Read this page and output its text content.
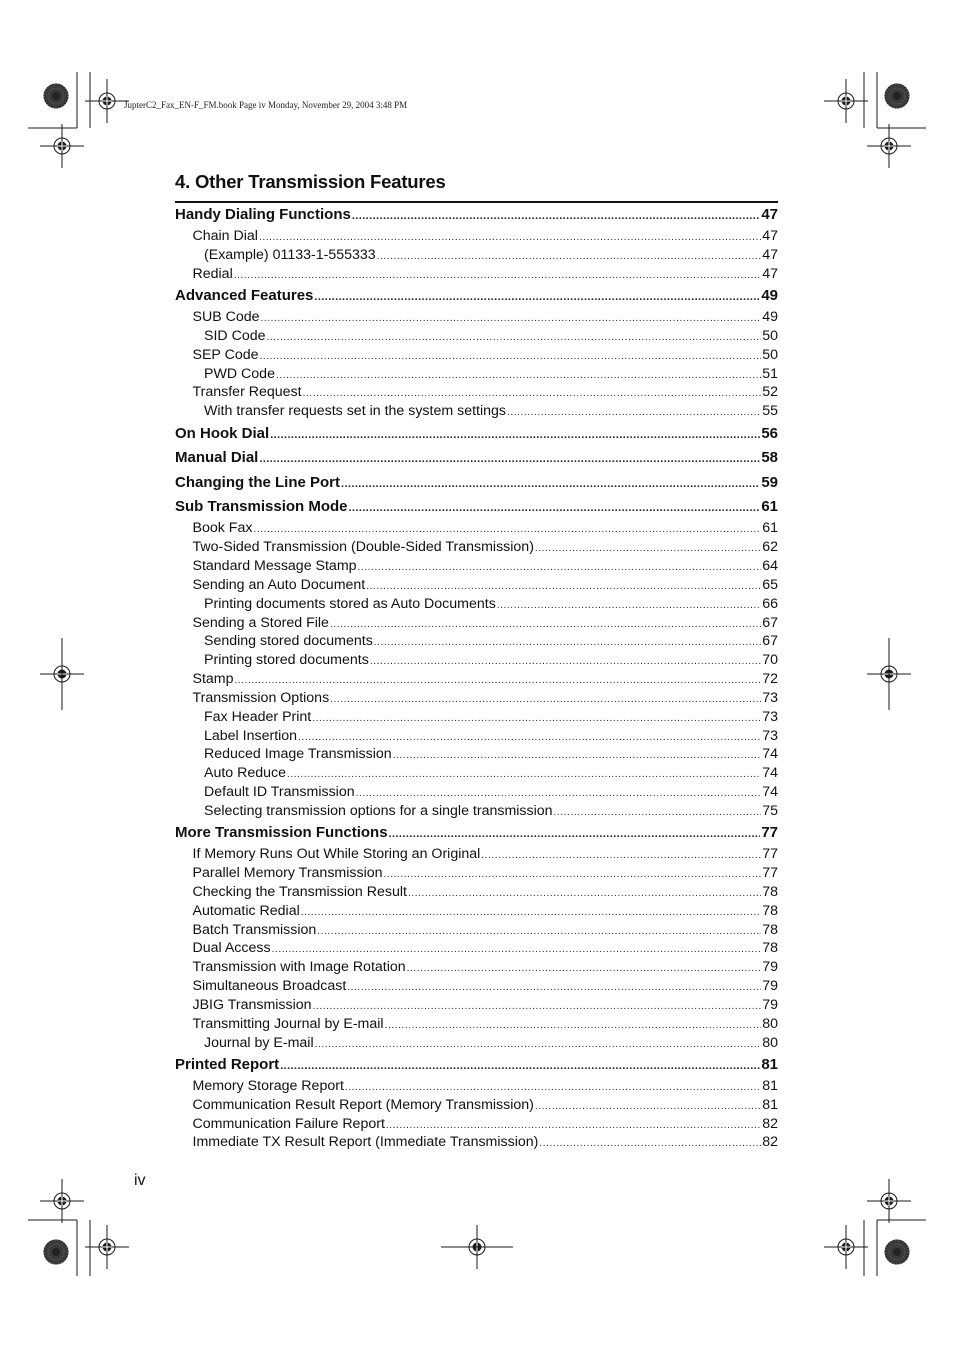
JupterC2_Fax_EN-F_FM.book Page iv Monday, November 29, 2004 3:48 PM
4. Other Transmission Features
Handy Dialing Functions .....	47
Chain Dial .....	47
(Example) 01133-1-555333 .....	47
Redial .....	47
Advanced Features .....	49
SUB Code .....	49
SID Code .....	50
SEP Code .....	50
PWD Code .....	51
Transfer Request .....	52
With transfer requests set in the system settings .....	55
On Hook Dial .....	56
Manual Dial .....	58
Changing the Line Port .....	59
Sub Transmission Mode .....	61
Book Fax .....	61
Two-Sided Transmission (Double-Sided Transmission) .....	62
Standard Message Stamp .....	64
Sending an Auto Document .....	65
Printing documents stored as Auto Documents .....	66
Sending a Stored File .....	67
Sending stored documents .....	67
Printing stored documents .....	70
Stamp .....	72
Transmission Options .....	73
Fax Header Print .....	73
Label Insertion .....	73
Reduced Image Transmission .....	74
Auto Reduce .....	74
Default ID Transmission .....	74
Selecting transmission options for a single transmission .....	75
More Transmission Functions .....	77
If Memory Runs Out While Storing an Original .....	77
Parallel Memory Transmission .....	77
Checking the Transmission Result .....	78
Automatic Redial .....	78
Batch Transmission .....	78
Dual Access .....	78
Transmission with Image Rotation .....	79
Simultaneous Broadcast .....	79
JBIG Transmission .....	79
Transmitting Journal by E-mail .....	80
Journal by E-mail .....	80
Printed Report .....	81
Memory Storage Report .....	81
Communication Result Report (Memory Transmission) .....	81
Communication Failure Report .....	82
Immediate TX Result Report (Immediate Transmission) .....	82
iv
